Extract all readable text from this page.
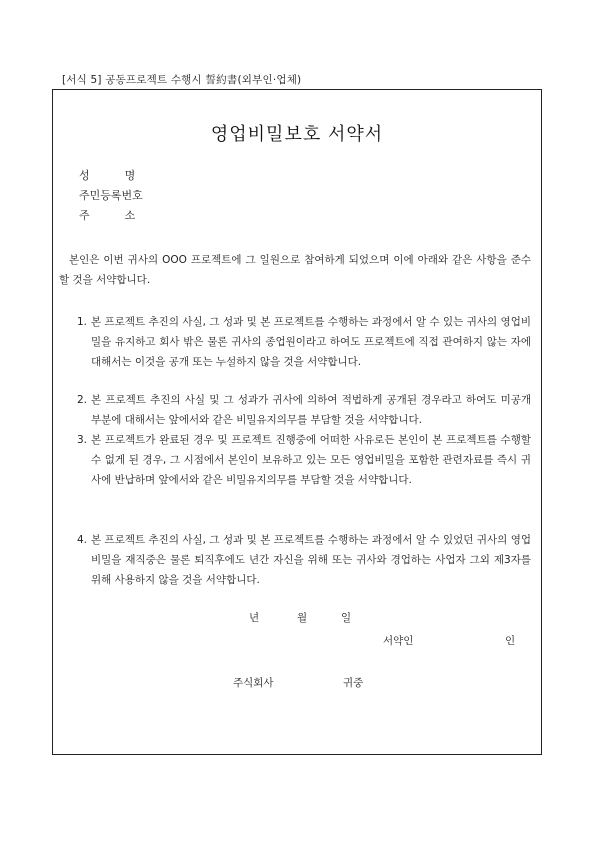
[서식 5] 공동프로젝트 수행시 誓約書(외부인·업체)
영업비밀보호 서약서
성          명
주민등록번호
주          소
본인은 이번 귀사의 OOO 프로젝트에 그 일원으로 참여하게 되었으며 이에 아래와 같은 사항을 준수할 것을 서약합니다.
1. 본 프로젝트 추진의 사실, 그 성과 및 본 프로젝트를 수행하는 과정에서 알 수 있는 귀사의 영업비밀을 유지하고 회사 밖은 물론 귀사의 종업원이라고 하여도 프로젝트에 직접 관여하지 않는 자에 대해서는 이것을 공개 또는 누설하지 않을 것을 서약합니다.
2. 본 프로젝트 추진의 사실 및 그 성과가 귀사에 의하여 적법하게 공개된 경우라고 하여도 미공개 부분에 대해서는 앞에서와 같은 비밀유지의무를 부담할 것을 서약합니다.
3. 본 프로젝트가 완료된 경우 및 프로젝트 진행중에 어떠한 사유로든 본인이 본 프로젝트를 수행할 수 없게 된 경우, 그 시점에서 본인이 보유하고 있는 모든 영업비밀을 포함한 관련자료를 즉시 귀사에 반납하며 앞에서와 같은 비밀유지의무를 부담할 것을 서약합니다.
4. 본 프로젝트 추진의 사실, 그 성과 및 본 프로젝트를 수행하는 과정에서 알 수 있었던 귀사의 영업비밀을 재직중은 물론 퇴직후에도 년간 자신을 위해 또는 귀사와 경업하는 사업자 그외 제3자를 위해 사용하지 않을 것을 서약합니다.
년	월	일
서약인	인
주식회사	귀중
